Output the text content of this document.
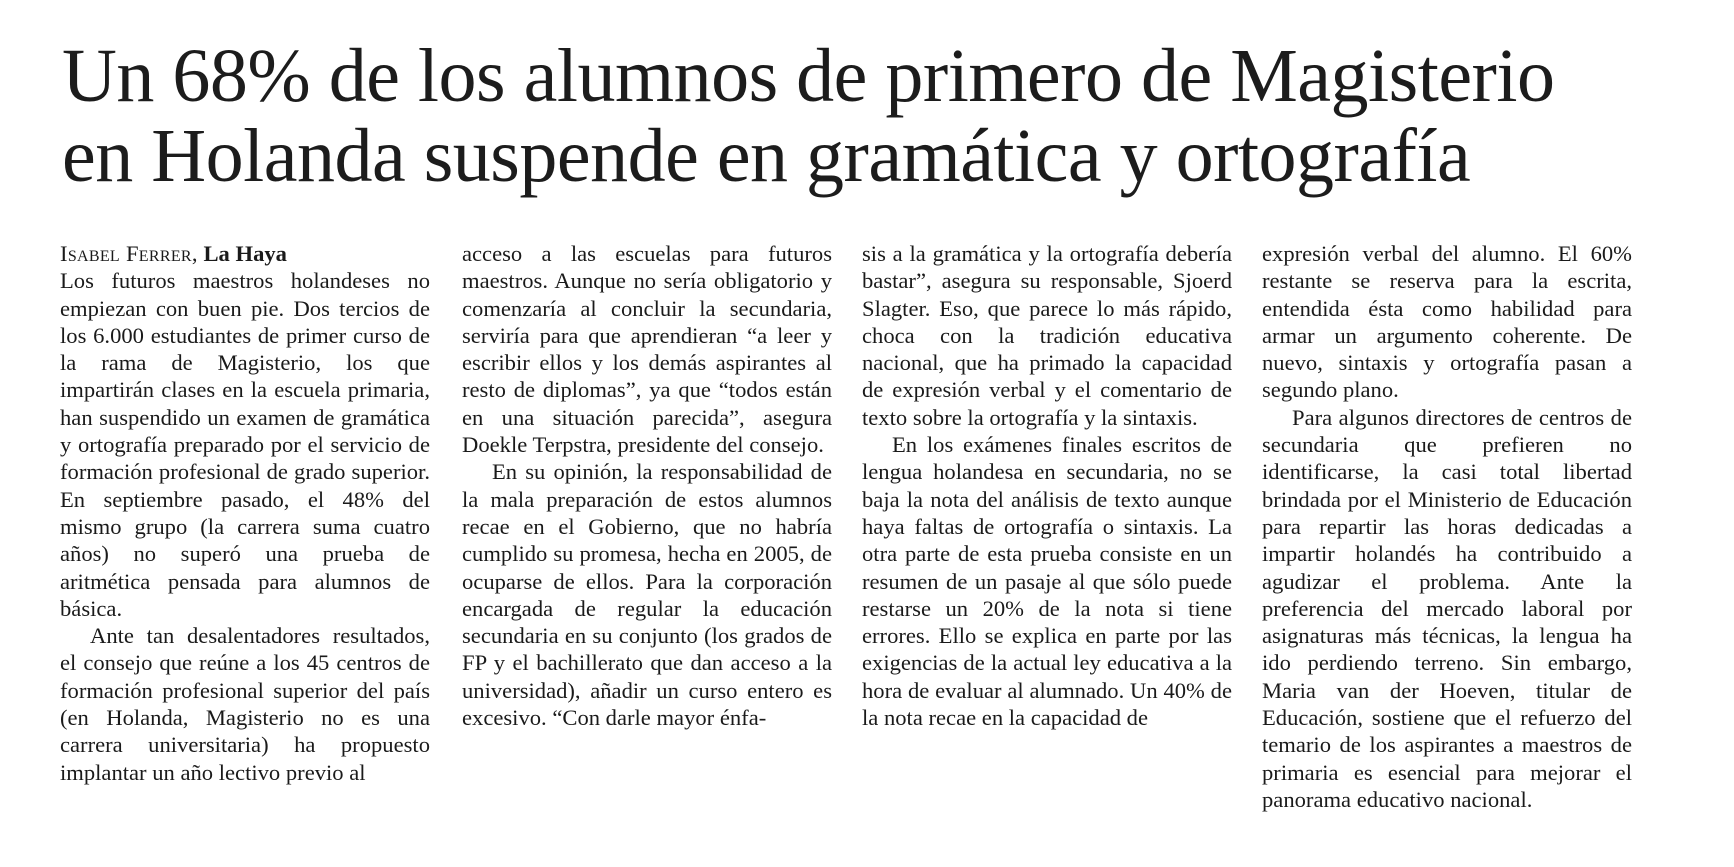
Un 68% de los alumnos de primero de Magisterio
en Holanda suspende en gramática y ortografía

Isabel Ferrer, La Haya

Los futuros maestros holandeses no empiezan con buen pie. Dos tercios de los 6.000 estudiantes de primer curso de la rama de Magisterio, los que impartirán clases en la escuela primaria, han suspendido un examen de gramática y ortografía preparado por el servicio de formación profesional de grado superior. En septiembre pasado, el 48% del mismo grupo (la carrera suma cuatro años) no superó una prueba de aritmética pensada para alumnos de básica.

Ante tan desalentadores resultados, el consejo que reúne a los 45 centros de formación profesional superior del país (en Holanda, Magisterio no es una carrera universitaria) ha propuesto implantar un año lectivo previo al

acceso a las escuelas para futuros maestros. Aunque no sería obligatorio y comenzaría al concluir la secundaria, serviría para que aprendieran “a leer y escribir ellos y los demás aspirantes al resto de diplomas”, ya que “todos están en una situación parecida”, asegura Doekle Terpstra, presidente del consejo.

En su opinión, la responsabilidad de la mala preparación de estos alumnos recae en el Gobierno, que no habría cumplido su promesa, hecha en 2005, de ocuparse de ellos. Para la corporación encargada de regular la educación secundaria en su conjunto (los grados de FP y el bachillerato que dan acceso a la universidad), añadir un curso entero es excesivo. “Con darle mayor énfa-

sis a la gramática y la ortografía debería bastar”, asegura su responsable, Sjoerd Slagter. Eso, que parece lo más rápido, choca con la tradición educativa nacional, que ha primado la capacidad de expresión verbal y el comentario de texto sobre la ortografía y la sintaxis.

En los exámenes finales escritos de lengua holandesa en secundaria, no se baja la nota del análisis de texto aunque haya faltas de ortografía o sintaxis. La otra parte de esta prueba consiste en un resumen de un pasaje al que sólo puede restarse un 20% de la nota si tiene errores. Ello se explica en parte por las exigencias de la actual ley educativa a la hora de evaluar al alumnado. Un 40% de la nota recae en la capacidad de

expresión verbal del alumno. El 60% restante se reserva para la escrita, entendida ésta como habilidad para armar un argumento coherente. De nuevo, sintaxis y ortografía pasan a segundo plano.

Para algunos directores de centros de secundaria que prefieren no identificarse, la casi total libertad brindada por el Ministerio de Educación para repartir las horas dedicadas a impartir holandés ha contribuido a agudizar el problema. Ante la preferencia del mercado laboral por asignaturas más técnicas, la lengua ha ido perdiendo terreno. Sin embargo, Maria van der Hoeven, titular de Educación, sostiene que el refuerzo del temario de los aspirantes a maestros de primaria es esencial para mejorar el panorama educativo nacional.
